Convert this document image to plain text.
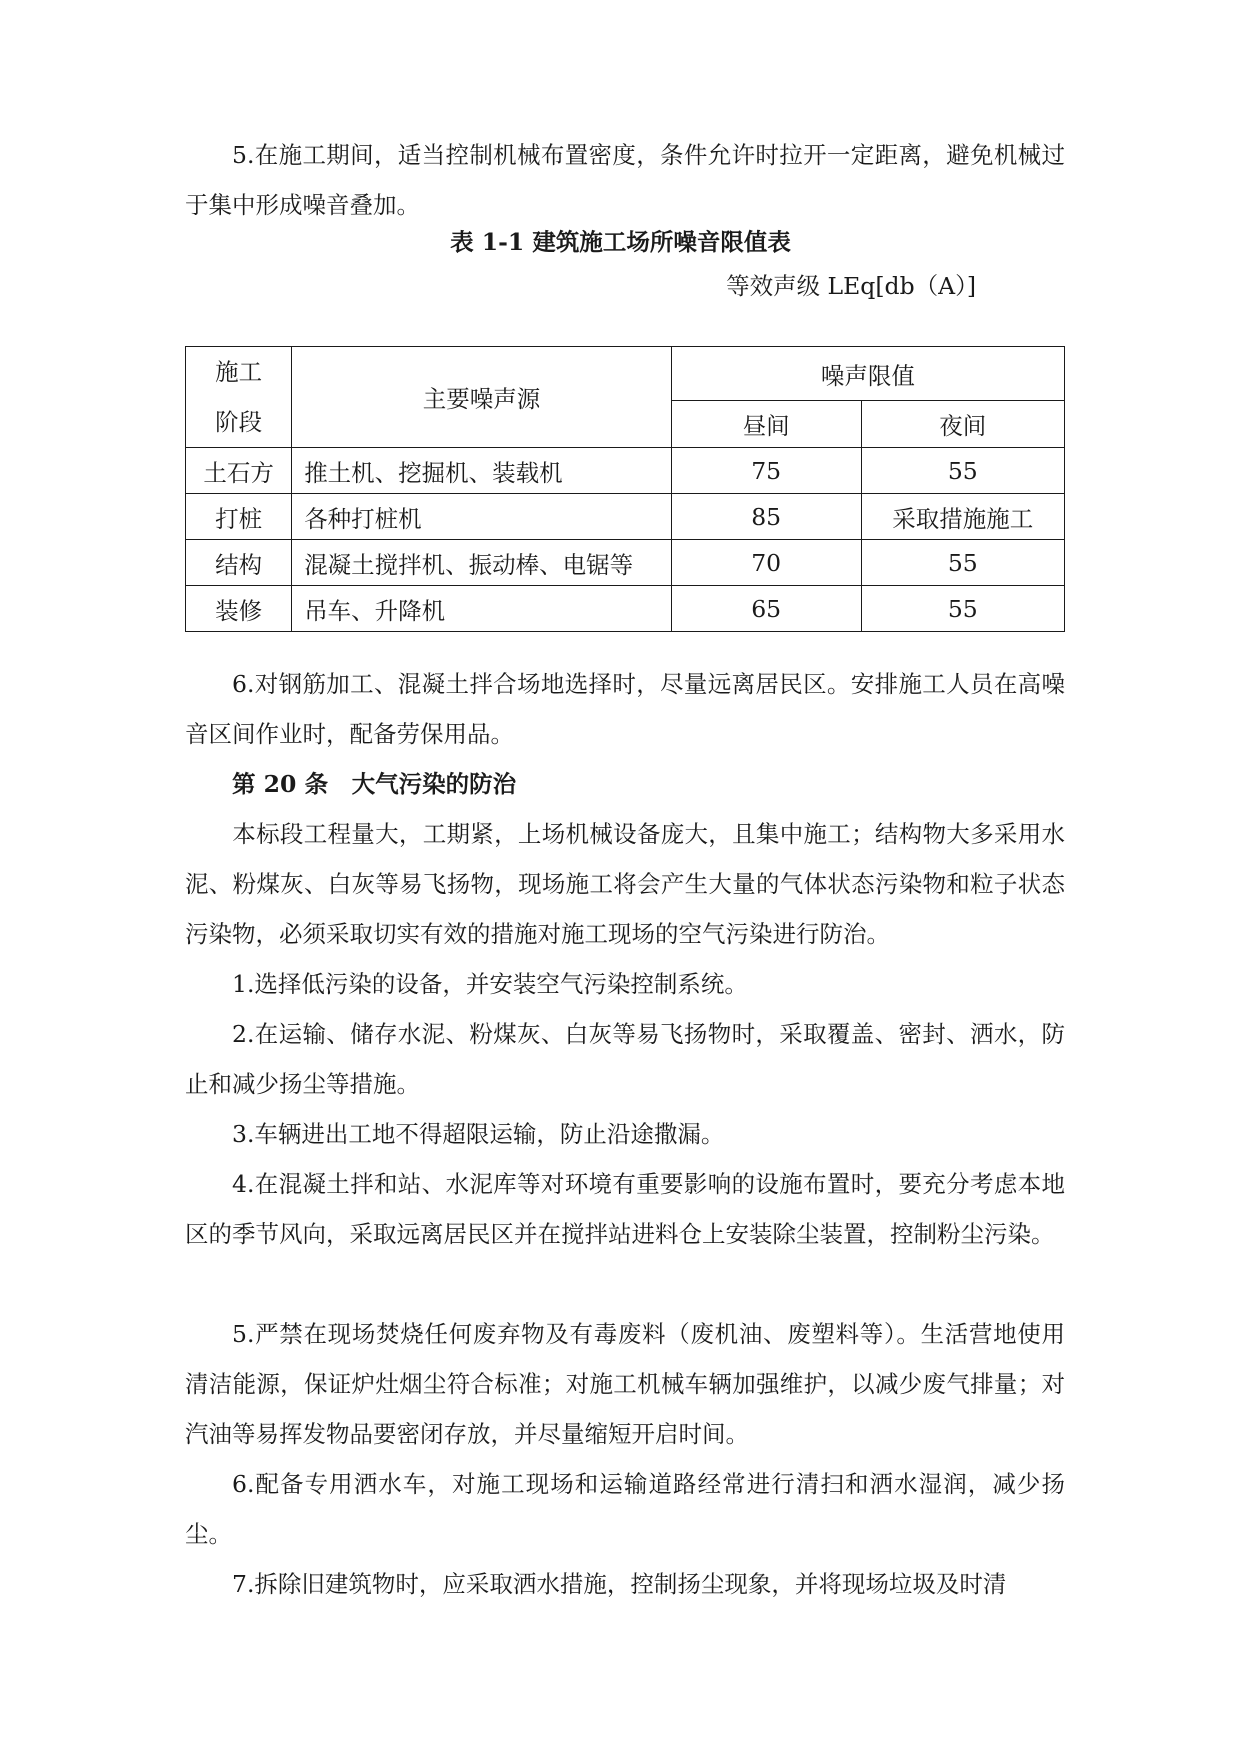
5.在施工期间，适当控制机械布置密度，条件允许时拉开一定距离，避免机械过于集中形成噪音叠加。

表 1-1 建筑施工场所噪音限值表

等效声级 LEq[db（A）]

施工
阶段	主要噪声源	噪声限值	
		昼间	夜间
土石方	推土机、挖掘机、装载机	75	55
打桩	各种打桩机	85	采取措施施工
结构	混凝土搅拌机、振动棒、电锯等	70	55
装修	吊车、升降机	65	55

6.对钢筋加工、混凝土拌合场地选择时，尽量远离居民区。安排施工人员在高噪音区间作业时，配备劳保用品。

第 20 条　大气污染的防治

本标段工程量大，工期紧，上场机械设备庞大，且集中施工；结构物大多采用水泥、粉煤灰、白灰等易飞扬物，现场施工将会产生大量的气体状态污染物和粒子状态污染物，必须采取切实有效的措施对施工现场的空气污染进行防治。

1.选择低污染的设备，并安装空气污染控制系统。

2.在运输、储存水泥、粉煤灰、白灰等易飞扬物时，采取覆盖、密封、洒水，防止和减少扬尘等措施。

3.车辆进出工地不得超限运输，防止沿途撒漏。

4.在混凝土拌和站、水泥库等对环境有重要影响的设施布置时，要充分考虑本地区的季节风向，采取远离居民区并在搅拌站进料仓上安装除尘装置，控制粉尘污染。

5.严禁在现场焚烧任何废弃物及有毒废料（废机油、废塑料等）。生活营地使用清洁能源，保证炉灶烟尘符合标准；对施工机械车辆加强维护，以减少废气排量；对汽油等易挥发物品要密闭存放，并尽量缩短开启时间。

6.配备专用洒水车，对施工现场和运输道路经常进行清扫和洒水湿润，减少扬尘。

7.拆除旧建筑物时，应采取洒水措施，控制扬尘现象，并将现场垃圾及时清
